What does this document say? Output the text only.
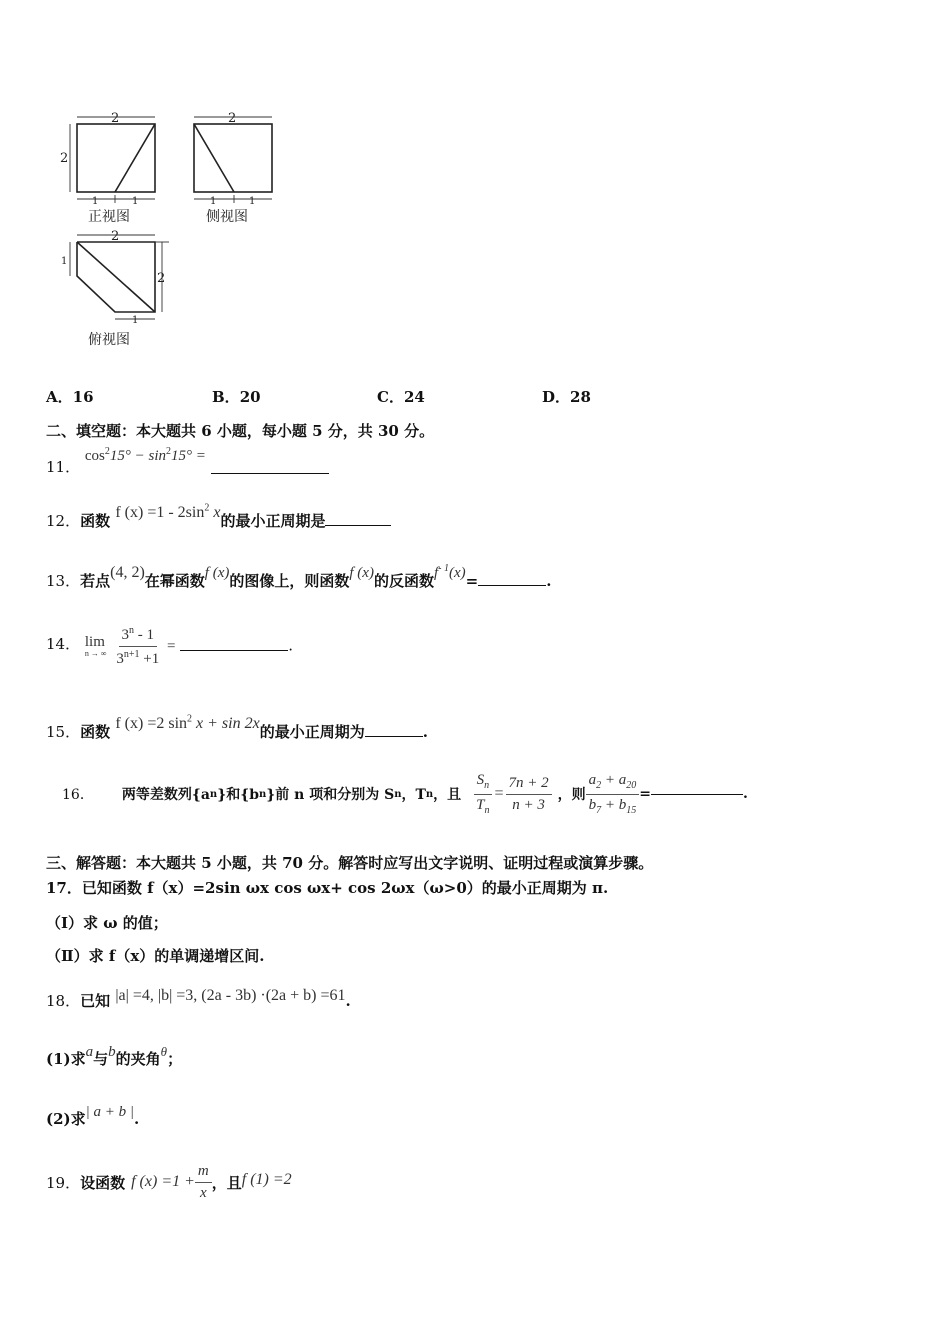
2
2
1	1
2
1	1
2
1
2
1
正视图	侧视图
俯视图
A．16	B．20	C．24	D．28
二、填空题：本大题共 6 小题，每小题 5 分，共 30 分。
11． $\cos^215^\circ - \sin^215^\circ$ =
12．函数 f $(x) =1 - 2\sin^2$ x的最小正周期是
13．若点(4, 2)在幂函数f (x)的图像上，则函数f (x)的反函数$f^{- 1}(x)=$	.
14． lim
n → ∞
$\frac{3^n - 1}{3^{n+1} +1}$ =	.
15．函数 f (x) =2 $\sin^2 x + \sin 2x$的最小正周期为	.
16． 两等差数列{a n }和{b n }前 n 项和分别为 S n ，T n ，且 $\frac{S_n}{T_n} = \frac{7n + 2}{n + 3}$ ，则 $\frac{a_2 + a_{20}}{b_7 + b_{15}}$ =	.
三、解答题：本大题共 5 小题，共 70 分。解答时应写出文字说明、证明过程或演算步骤。
17．已知函数 f（x）=2sin ωx cos ωx+ cos 2ωx（ω>0）的最小正周期为 π.
（Ⅰ）求 ω 的值；
（Ⅱ）求 f（x）的单调递增区间.
18．已知 |a| =4, |b| =3, (2a - 3b) ·(2a + b) =61.
(1)求a与b的夹角θ；
(2)求| a + b |.
19． 设函数 f $(x) =1 + \frac{m}{x}$ ，且 f (1) =2
